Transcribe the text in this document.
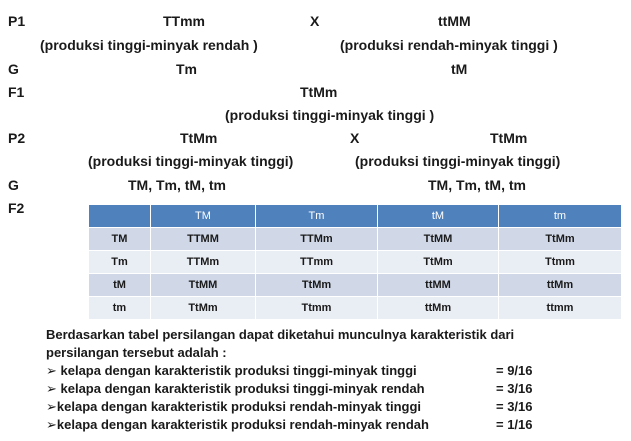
P1	TTmm	X	ttMM
(produksi tinggi-minyak rendah )	(produksi rendah-minyak tinggi )
G	Tm	tM
F1	TtMm
(produksi tinggi-minyak tinggi )
P2	TtMm	X	TtMm
(produksi tinggi-minyak tinggi)	(produksi tinggi-minyak tinggi)
G	TM, Tm, tM, tm	TM, Tm, tM, tm
F2
		TM	Tm	tM	tm
TM	TTMM	TTMm	TtMM	TtMm
Tm	TTMm	TTmm	TtMm	Ttmm
tM	TtMM	TtMm	ttMM	ttMm
tm	TtMm	Ttmm	ttMm	ttmm
Berdasarkan tabel persilangan dapat diketahui munculnya karakteristik dari
persilangan tersebut adalah :
➢ kelapa dengan karakteristik produksi tinggi-minyak tinggi	= 9/16
➢ kelapa dengan karakteristik produksi tinggi-minyak rendah	= 3/16
➢kelapa dengan karakteristik produksi rendah-minyak tinggi	= 3/16
➢kelapa dengan karakteristik produksi rendah-minyak rendah	= 1/16
